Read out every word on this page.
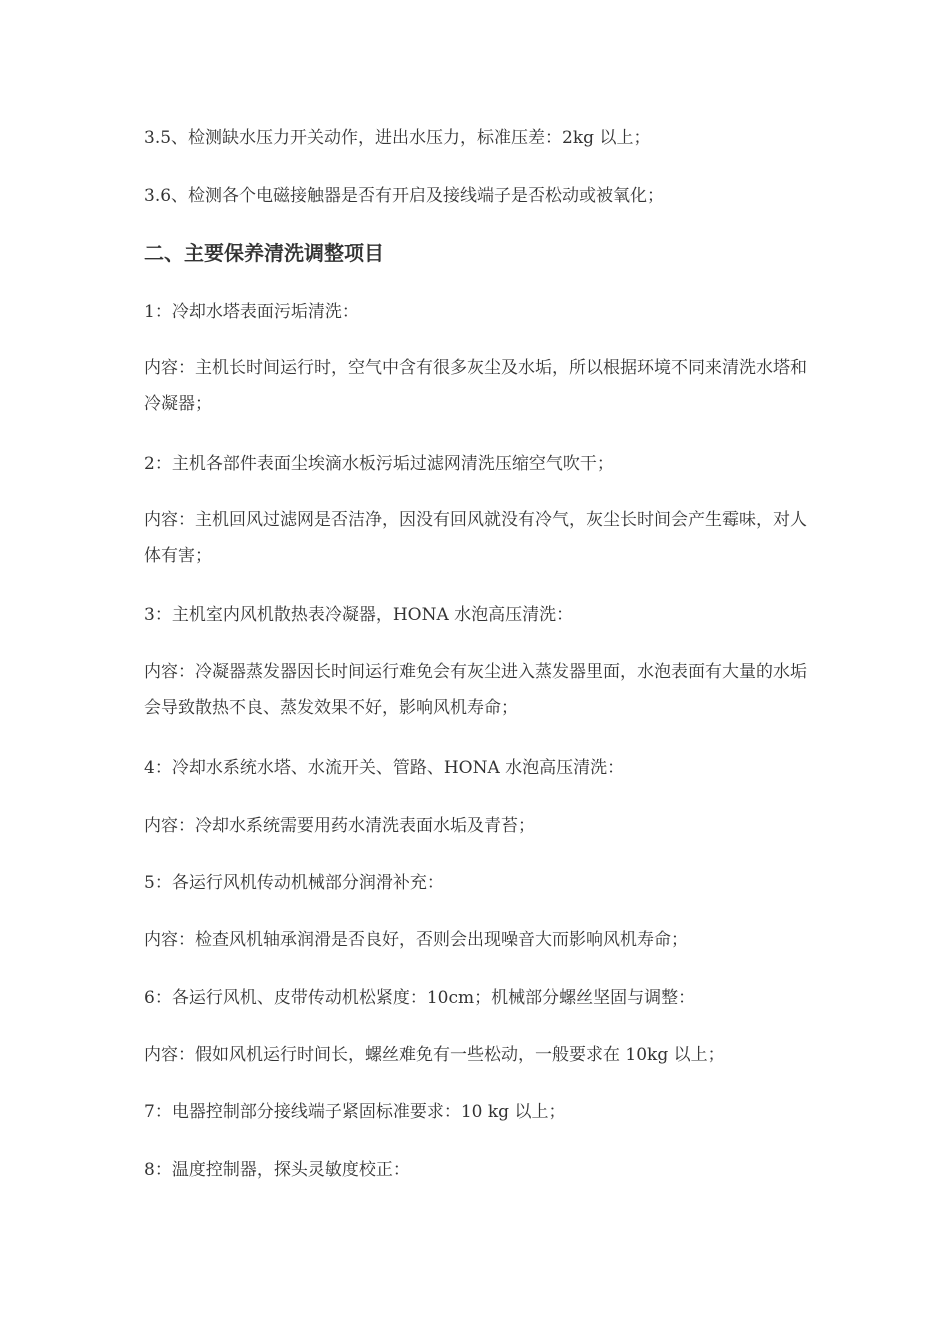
3.5、检测缺水压力开关动作，进出水压力，标准压差：2kg 以上；
3.6、检测各个电磁接触器是否有开启及接线端子是否松动或被氧化；
二、主要保养清洗调整项目
1：冷却水塔表面污垢清洗：
内容：主机长时间运行时，空气中含有很多灰尘及水垢，所以根据环境不同来清洗水塔和冷凝器；
2：主机各部件表面尘埃滴水板污垢过滤网清洗压缩空气吹干；
内容：主机回风过滤网是否洁净，因没有回风就没有冷气，灰尘长时间会产生霉味，对人体有害；
3：主机室内风机散热表冷凝器，HONA 水泡高压清洗：
内容：冷凝器蒸发器因长时间运行难免会有灰尘进入蒸发器里面，水泡表面有大量的水垢会导致散热不良、蒸发效果不好，影响风机寿命；
4：冷却水系统水塔、水流开关、管路、HONA 水泡高压清洗：
内容：冷却水系统需要用药水清洗表面水垢及青苔；
5：各运行风机传动机械部分润滑补充：
内容：检查风机轴承润滑是否良好，否则会出现噪音大而影响风机寿命；
6：各运行风机、皮带传动机松紧度：10cm；机械部分螺丝坚固与调整：
内容：假如风机运行时间长，螺丝难免有一些松动，一般要求在 10kg 以上；
7：电器控制部分接线端子紧固标准要求：10 kg 以上；
8：温度控制器，探头灵敏度校正：
